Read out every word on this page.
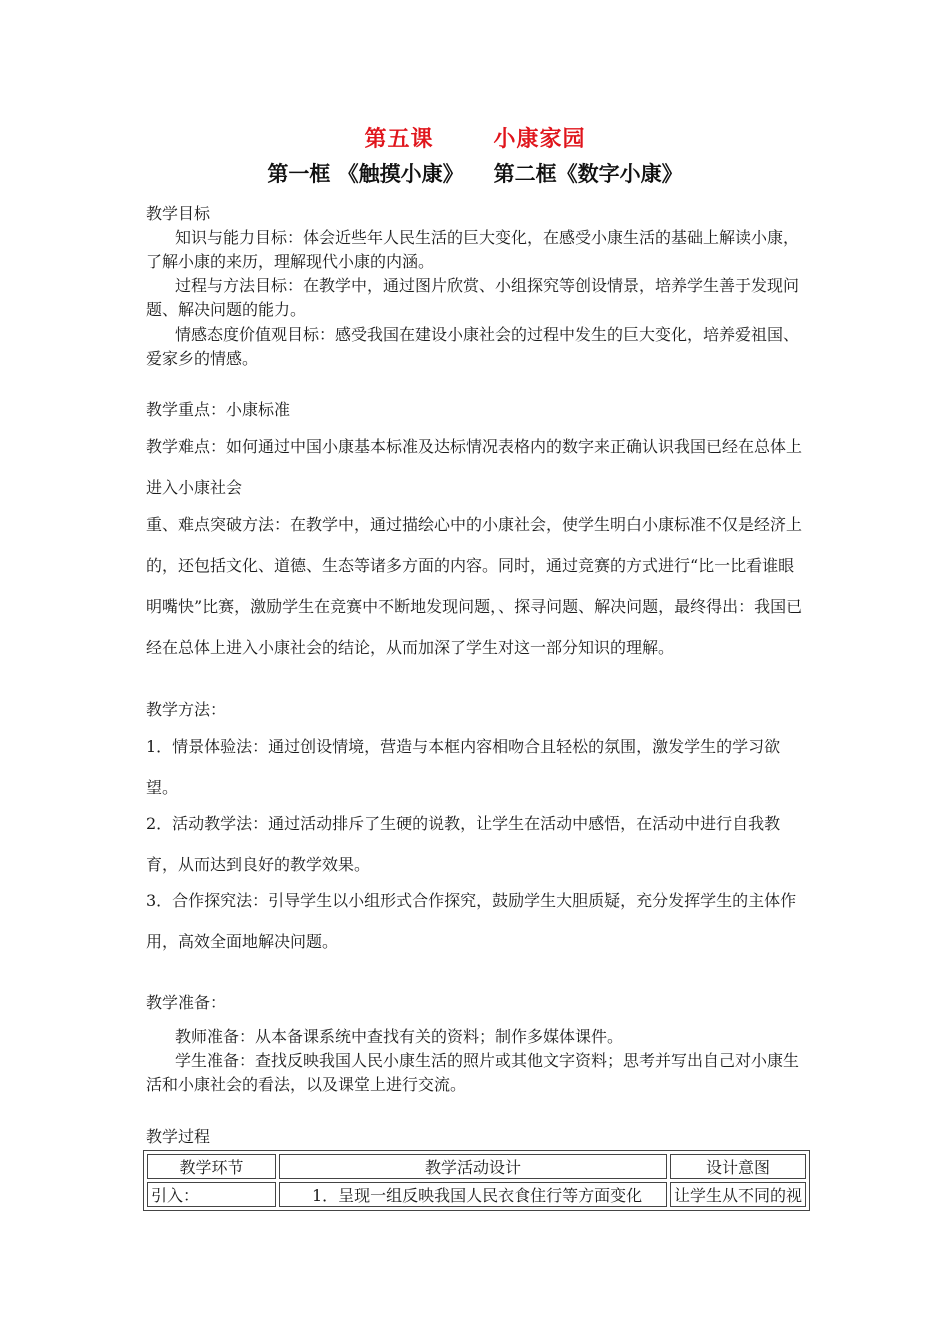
第五课	小康家园
第一框 《触摸小康》 第二框《数字小康》
教学目标
知识与能力目标：体会近些年人民生活的巨大变化，在感受小康生活的基础上解读小康，了解小康的来历，理解现代小康的内涵。
过程与方法目标：在教学中，通过图片欣赏、小组探究等创设情景，培养学生善于发现问题、解决问题的能力。
情感态度价值观目标：感受我国在建设小康社会的过程中发生的巨大变化，培养爱祖国、爱家乡的情感。
教学重点：小康标准
教学难点：如何通过中国小康基本标准及达标情况表格内的数字来正确认识我国已经在总体上进入小康社会
重、难点突破方法：在教学中，通过描绘心中的小康社会，使学生明白小康标准不仅是经济上的，还包括文化、道德、生态等诸多方面的内容。同时，通过竞赛的方式进行“比一比看谁眼明嘴快”比赛，激励学生在竞赛中不断地发现问题，、探寻问题、解决问题，最终得出：我国已经在总体上进入小康社会的结论，从而加深了学生对这一部分知识的理解。
教学方法：
1．情景体验法：通过创设情境，营造与本框内容相吻合且轻松的氛围，激发学生的学习欲望。
2．活动教学法：通过活动排斥了生硬的说教，让学生在活动中感悟，在活动中进行自我教育，从而达到良好的教学效果。
3．合作探究法：引导学生以小组形式合作探究，鼓励学生大胆质疑，充分发挥学生的主体作用，高效全面地解决问题。
教学准备：
教师准备：从本备课系统中查找有关的资料；制作多媒体课件。
学生准备：查找反映我国人民小康生活的照片或其他文字资料；思考并写出自己对小康生活和小康社会的看法，以及课堂上进行交流。
教学过程
教学环节	教学活动设计	设计意图
引入：	1．呈现一组反映我国人民衣食住行等方面变化	让学生从不同的视
